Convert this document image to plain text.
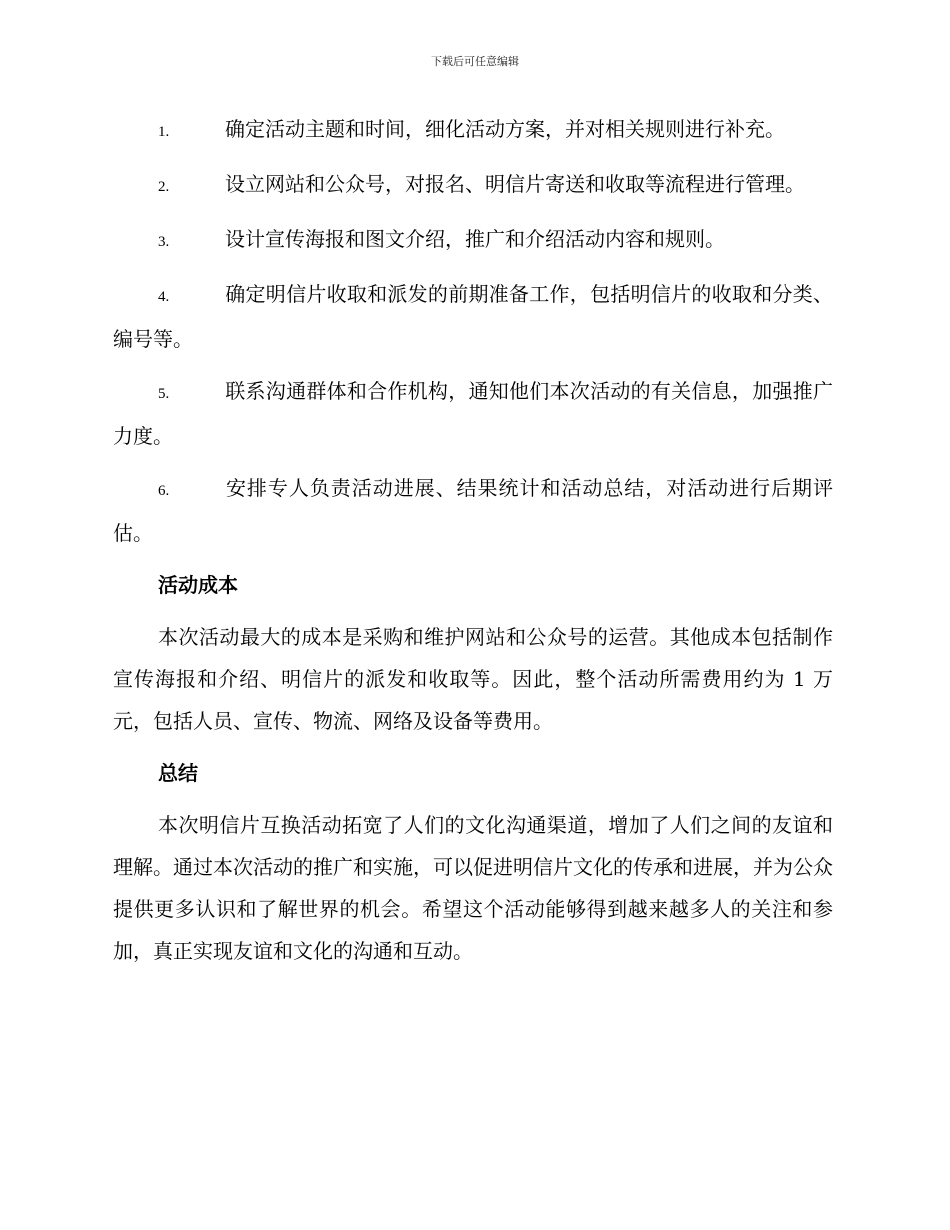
下载后可任意编辑
1.	确定活动主题和时间，细化活动方案，并对相关规则进行补充。
2.	设立网站和公众号，对报名、明信片寄送和收取等流程进行管理。
3.	设计宣传海报和图文介绍，推广和介绍活动内容和规则。
4.	确定明信片收取和派发的前期准备工作，包括明信片的收取和分类、编号等。
5.	联系沟通群体和合作机构，通知他们本次活动的有关信息，加强推广力度。
6.	安排专人负责活动进展、结果统计和活动总结，对活动进行后期评估。
活动成本
本次活动最大的成本是采购和维护网站和公众号的运营。其他成本包括制作宣传海报和介绍、明信片的派发和收取等。因此，整个活动所需费用约为 1 万元，包括人员、宣传、物流、网络及设备等费用。
总结
本次明信片互换活动拓宽了人们的文化沟通渠道，增加了人们之间的友谊和理解。通过本次活动的推广和实施，可以促进明信片文化的传承和进展，并为公众提供更多认识和了解世界的机会。希望这个活动能够得到越来越多人的关注和参加，真正实现友谊和文化的沟通和互动。
